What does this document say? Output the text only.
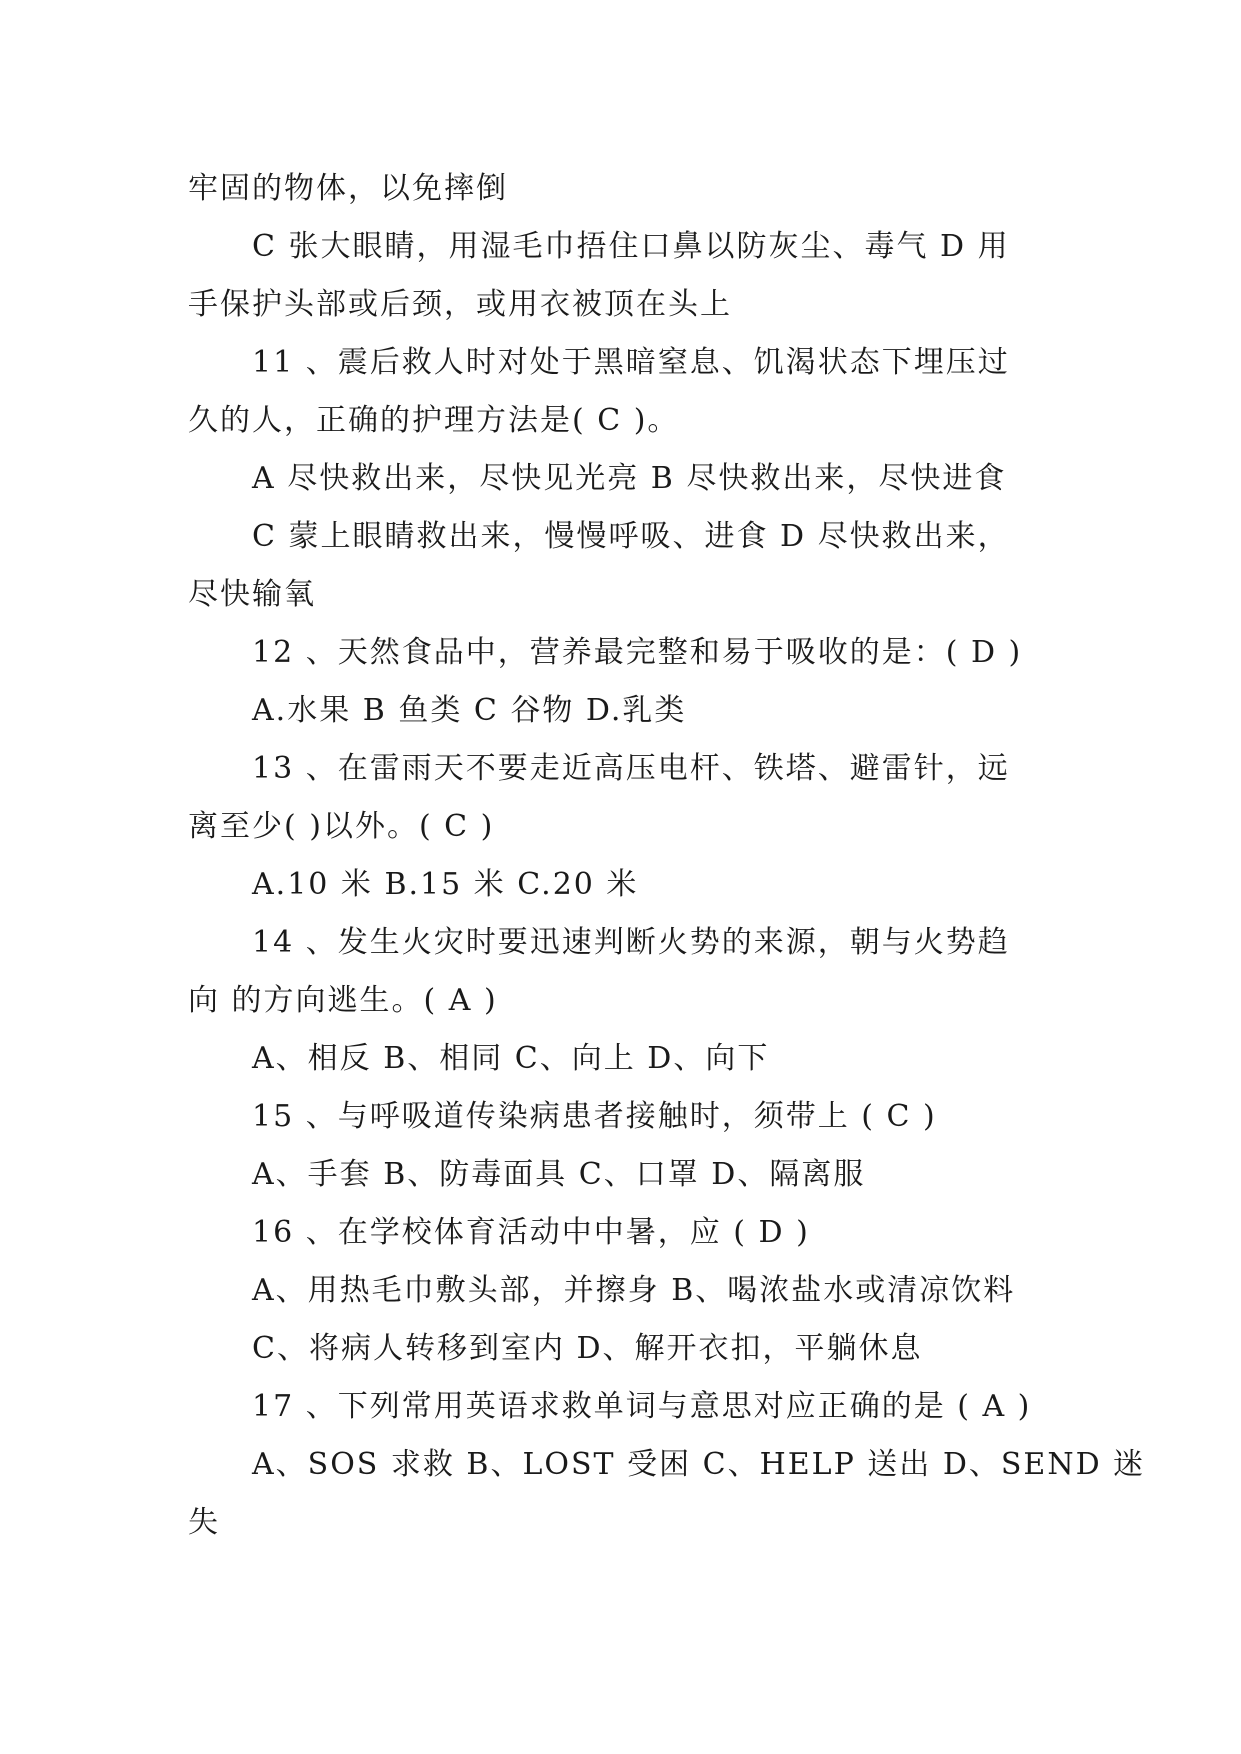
牢固的物体，以免摔倒
C 张大眼睛，用湿毛巾捂住口鼻以防灰尘、毒气 D 用
手保护头部或后颈，或用衣被顶在头上
11 、震后救人时对处于黑暗窒息、饥渴状态下埋压过
久的人，正确的护理方法是( C )。
A 尽快救出来，尽快见光亮 B 尽快救出来，尽快进食
C 蒙上眼睛救出来，慢慢呼吸、进食 D 尽快救出来，
尽快输氧
12 、天然食品中，营养最完整和易于吸收的是：( D )
A.水果 B 鱼类 C 谷物 D.乳类
13 、在雷雨天不要走近高压电杆、铁塔、避雷针，远
离至少( )以外。( C )
A.10 米 B.15 米 C.20 米
14 、发生火灾时要迅速判断火势的来源，朝与火势趋
向 的方向逃生。( A )
A、相反 B、相同 C、向上 D、向下
15 、与呼吸道传染病患者接触时，须带上 ( C )
A、手套 B、防毒面具 C、口罩 D、隔离服
16 、在学校体育活动中中暑，应 ( D )
A、用热毛巾敷头部，并擦身 B、喝浓盐水或清凉饮料
C、将病人转移到室内 D、解开衣扣，平躺休息
17 、下列常用英语求救单词与意思对应正确的是 ( A )
A、SOS 求救 B、LOST 受困 C、HELP 送出 D、SEND 迷
失
